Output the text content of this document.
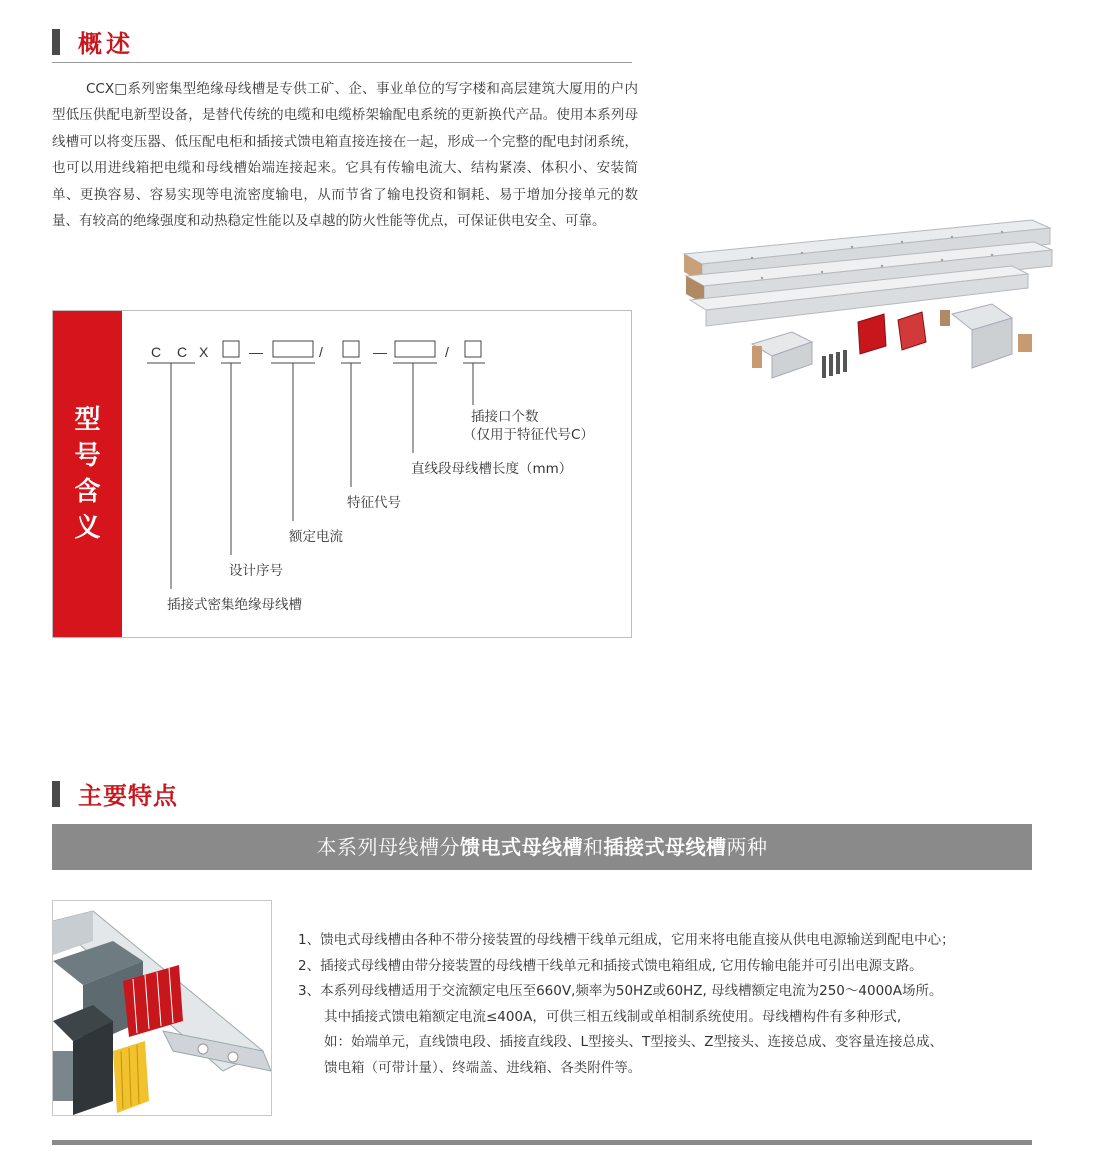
概述

CCX□系列密集型绝缘母线槽是专供工矿、企、事业单位的写字楼和高层建筑大厦用的户内型低压供配电新型设备，是替代传统的电缆和电缆桥架输配电系统的更新换代产品。使用本系列母线槽可以将变压器、低压配电柜和插接式馈电箱直接连接在一起，形成一个完整的配电封闭系统，也可以用进线箱把电缆和母线槽始端连接起来。它具有传输电流大、结构紧凑、体积小、安装简单、更换容易、容易实现等电流密度输电，从而节省了输电投资和铜耗、易于增加分接单元的数量、有较高的绝缘强度和动热稳定性能以及卓越的防火性能等优点，可保证供电安全、可靠。

型号含义
C C X	—	/	—	/
插接口个数
（仅用于特征代号C）
直线段母线槽长度（mm）
特征代号
额定电流
设计序号
插接式密集绝缘母线槽
主要特点
本系列母线槽分馈电式母线槽和插接式母线槽两种
1、馈电式母线槽由各种不带分接装置的母线槽干线单元组成，它用来将电能直接从供电电源输送到配电中心；
2、插接式母线槽由带分接装置的母线槽干线单元和插接式馈电箱组成, 它用传输电能并可引出电源支路。
3、本系列母线槽适用于交流额定电压至660V,频率为50HZ或60HZ, 母线槽额定电流为250～4000A场所。
其中插接式馈电箱额定电流≤400A，可供三相五线制或单相制系统使用。母线槽构件有多种形式,
如：始端单元，直线馈电段、插接直线段、L型接头、T型接头、Z型接头、连接总成、变容量连接总成、
馈电箱（可带计量）、终端盖、进线箱、各类附件等。
